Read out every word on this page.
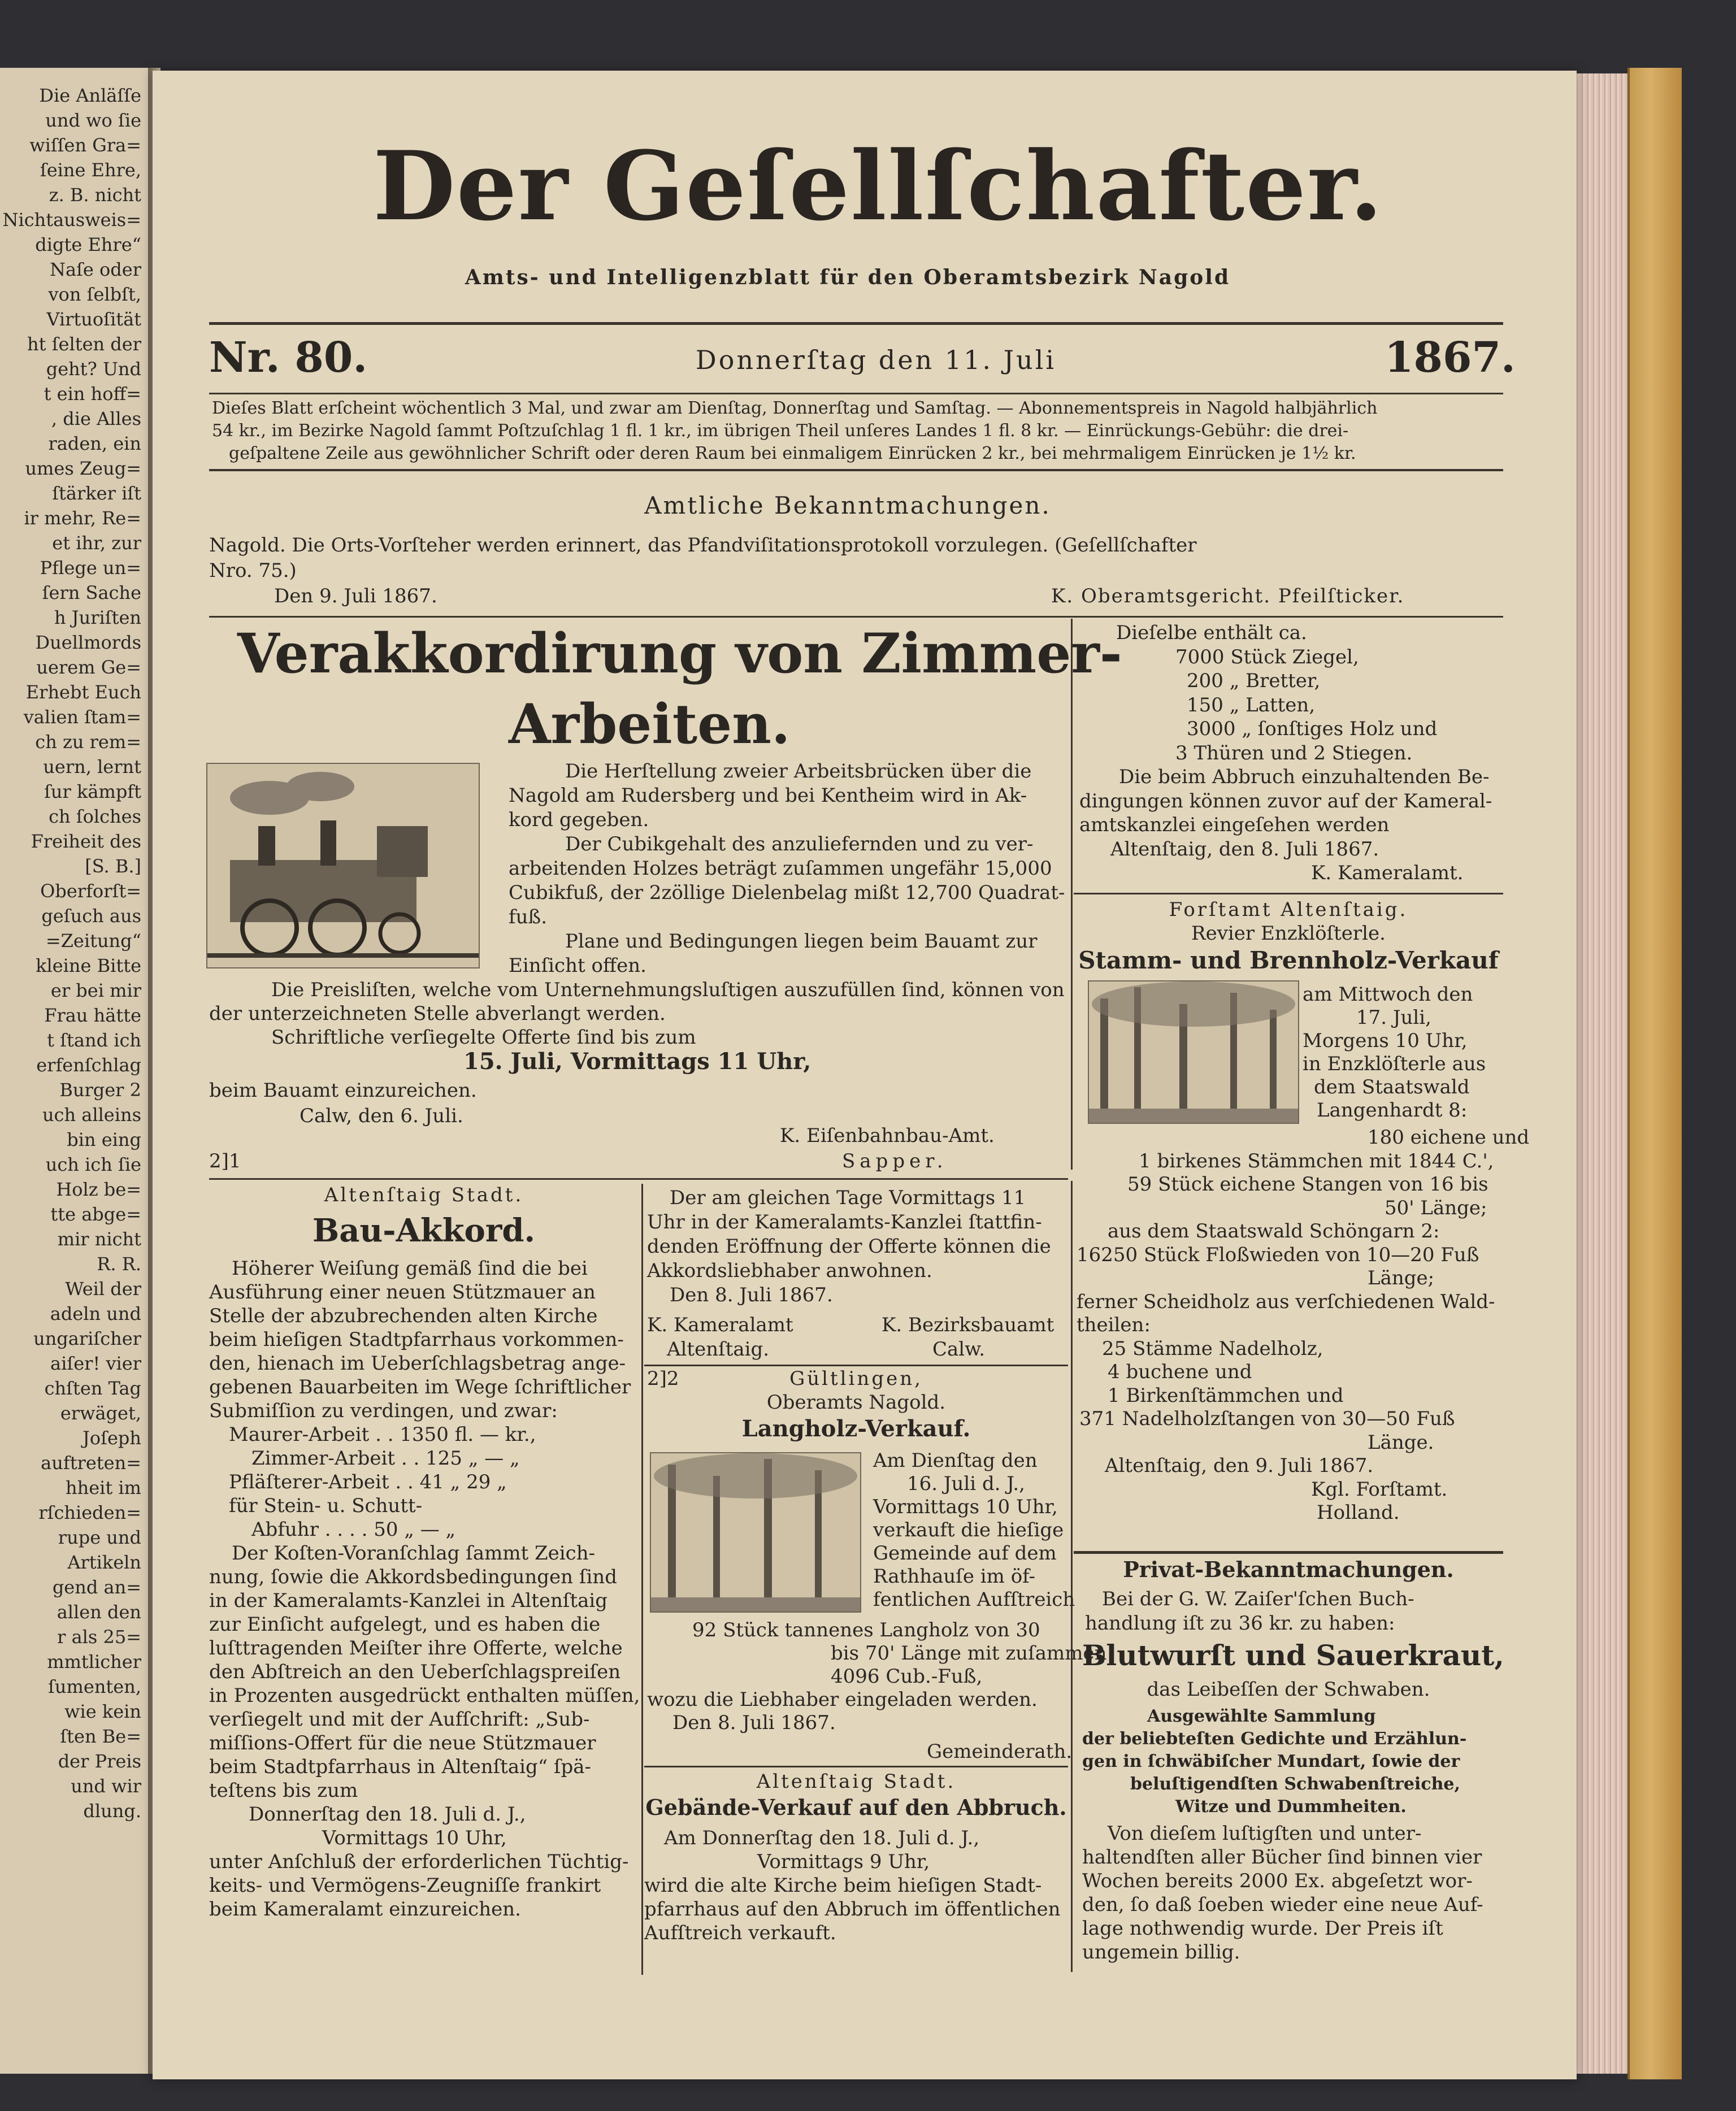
Die Anläſſe
und wo ſie
wiſſen Gra=
ſeine Ehre,
z. B. nicht
Nichtausweis=
digte Ehre“
Naſe oder
von ſelbſt,
Virtuoſität
ht ſelten der
geht? Und
t ein hoff=
, die Alles
raden, ein
umes Zeug=
ſtärker iſt
ir mehr, Re=
et ihr, zur
Pflege un=
ſern Sache
h Juriſten
Duellmords
uerem Ge=
Erhebt Euch
valien ſtam=
ch zu rem=
uern, lernt
ſur kämpft
ch ſolches
Freiheit des
[S. B.]
Oberforſt=
geſuch aus
=Zeitung“
kleine Bitte
er bei mir
Frau hätte
t ſtand ich
erfenſchlag
Burger 2
uch alleins
bin eing
uch ich ſie
Holz be=
tte abge=
mir nicht
R. R.
Weil der
adeln und
ungariſcher
aiſer! vier
chſten Tag
erwäget,
Joſeph
auftreten=
hheit im
rſchieden=
rupe und
Artikeln
gend an=
allen den
r als 25=
mmtlicher
ſumenten,
wie kein
ſten Be=
der Preis
und wir
dlung.
Der Geſellſchafter.
Amts- und Intelligenzblatt für den Oberamtsbezirk Nagold
Nr. 80.	Donnerſtag den 11. Juli	1867.
Dieſes Blatt erſcheint wöchentlich 3 Mal, und zwar am Dienſtag, Donnerſtag und Samſtag. — Abonnementspreis in Nagold halbjährlich
54 kr., im Bezirke Nagold ſammt Poſtzuſchlag 1 fl. 1 kr., im übrigen Theil unſeres Landes 1 fl. 8 kr. — Einrückungs-Gebühr: die drei-
geſpaltene Zeile aus gewöhnlicher Schrift oder deren Raum bei einmaligem Einrücken 2 kr., bei mehrmaligem Einrücken je 1½ kr.
Amtliche Bekanntmachungen.
Nagold. Die Orts-Vorſteher werden erinnert, das Pfandviſitationsprotokoll vorzulegen. (Geſellſchafter
Nro. 75.)
Den 9. Juli 1867.	K. Oberamtsgericht. Pfeilſticker.
Verakkordirung von Zimmer-
Arbeiten.
Die Herſtellung zweier Arbeitsbrücken über die
Nagold am Rudersberg und bei Kentheim wird in Ak-
kord gegeben.
Der Cubikgehalt des anzuliefernden und zu ver-
arbeitenden Holzes beträgt zuſammen ungefähr 15,000
Cubikfuß, der 2zöllige Dielenbelag mißt 12,700 Quadrat-
fuß.
Plane und Bedingungen liegen beim Bauamt zur
Einſicht offen.
Die Preisliſten, welche vom Unternehmungsluſtigen auszufüllen ſind, können von
der unterzeichneten Stelle abverlangt werden.
Schriftliche verſiegelte Offerte ſind bis zum
15. Juli, Vormittags 11 Uhr,
beim Bauamt einzureichen.
Calw, den 6. Juli.
K. Eiſenbahnbau-Amt.
Sapper.
2]1
Dieſelbe enthält ca.
7000 Stück Ziegel,
200 „ Bretter,
150 „ Latten,
3000 „ ſonſtiges Holz und
3 Thüren und 2 Stiegen.
Die beim Abbruch einzuhaltenden Be-
dingungen können zuvor auf der Kameral-
amtskanzlei eingeſehen werden
Altenſtaig, den 8. Juli 1867.
K. Kameralamt.
Forſtamt Altenſtaig.
Revier Enzklöſterle.
Stamm- und Brennholz-Verkauf
am Mittwoch den
17. Juli,
Morgens 10 Uhr,
in Enzklöſterle aus
dem Staatswald
Langenhardt 8:
180 eichene und
1 birkenes Stämmchen mit 1844 C.',
59 Stück eichene Stangen von 16 bis
50' Länge;
aus dem Staatswald Schöngarn 2:
16250 Stück Floßwieden von 10—20 Fuß
Länge;
ferner Scheidholz aus verſchiedenen Wald-
theilen:
25 Stämme Nadelholz,
4 buchene und
1 Birkenſtämmchen und
371 Nadelholzſtangen von 30—50 Fuß
Länge.
Altenſtaig, den 9. Juli 1867.
Kgl. Forſtamt.
Holland.
Privat-Bekanntmachungen.
Bei der G. W. Zaiſer'ſchen Buch-
handlung iſt zu 36 kr. zu haben:
Blutwurſt und Sauerkraut,
das Leibeſſen der Schwaben.
Ausgewählte Sammlung
der beliebteſten Gedichte und Erzählun-
gen in ſchwäbiſcher Mundart, ſowie der
beluſtigendſten Schwabenſtreiche,
Witze und Dummheiten.
Von dieſem luſtigſten und unter-
haltendſten aller Bücher ſind binnen vier
Wochen bereits 2000 Ex. abgeſetzt wor-
den, ſo daß ſoeben wieder eine neue Auf-
lage nothwendig wurde. Der Preis iſt
ungemein billig.
Altenſtaig Stadt.
Bau-Akkord.
Höherer Weiſung gemäß ſind die bei
Ausführung einer neuen Stützmauer an
Stelle der abzubrechenden alten Kirche
beim hieſigen Stadtpfarrhaus vorkommen-
den, hienach im Ueberſchlagsbetrag ange-
gebenen Bauarbeiten im Wege ſchriftlicher
Submiſſion zu verdingen, und zwar:
Maurer-Arbeit . . 1350 fl. — kr.,
Zimmer-Arbeit . . 125 „ — „
Pfläſterer-Arbeit . . 41 „ 29 „
für Stein- u. Schutt-
Abfuhr . . . . 50 „ — „
Der Koſten-Voranſchlag ſammt Zeich-
nung, ſowie die Akkordsbedingungen ſind
in der Kameralamts-Kanzlei in Altenſtaig
zur Einſicht aufgelegt, und es haben die
luſttragenden Meiſter ihre Offerte, welche
den Abſtreich an den Ueberſchlagspreiſen
in Prozenten ausgedrückt enthalten müſſen,
verſiegelt und mit der Aufſchrift: „Sub-
miſſions-Offert für die neue Stützmauer
beim Stadtpfarrhaus in Altenſtaig“ ſpä-
teſtens bis zum
Donnerſtag den 18. Juli d. J.,
Vormittags 10 Uhr,
unter Anſchluß der erforderlichen Tüchtig-
keits- und Vermögens-Zeugniſſe frankirt
beim Kameralamt einzureichen.
Der am gleichen Tage Vormittags 11
Uhr in der Kameralamts-Kanzlei ſtattfin-
denden Eröffnung der Offerte können die
Akkordsliebhaber anwohnen.
Den 8. Juli 1867.
K. Kameralamt
Altenſtaig.
K. Bezirksbauamt
Calw.
2]2	Gültlingen,
Oberamts Nagold.
Langholz-Verkauf.
Am Dienſtag den
16. Juli d. J.,
Vormittags 10 Uhr,
verkauft die hieſige
Gemeinde auf dem
Rathhauſe im öf-
fentlichen Aufſtreich
92 Stück tannenes Langholz von 30
bis 70' Länge mit zuſammen
4096 Cub.-Fuß,
wozu die Liebhaber eingeladen werden.
Den 8. Juli 1867.
Gemeinderath.
Altenſtaig Stadt.
Gebände-Verkauf auf den Abbruch.
Am Donnerſtag den 18. Juli d. J.,
Vormittags 9 Uhr,
wird die alte Kirche beim hieſigen Stadt-
pfarrhaus auf den Abbruch im öffentlichen
Aufſtreich verkauft.
